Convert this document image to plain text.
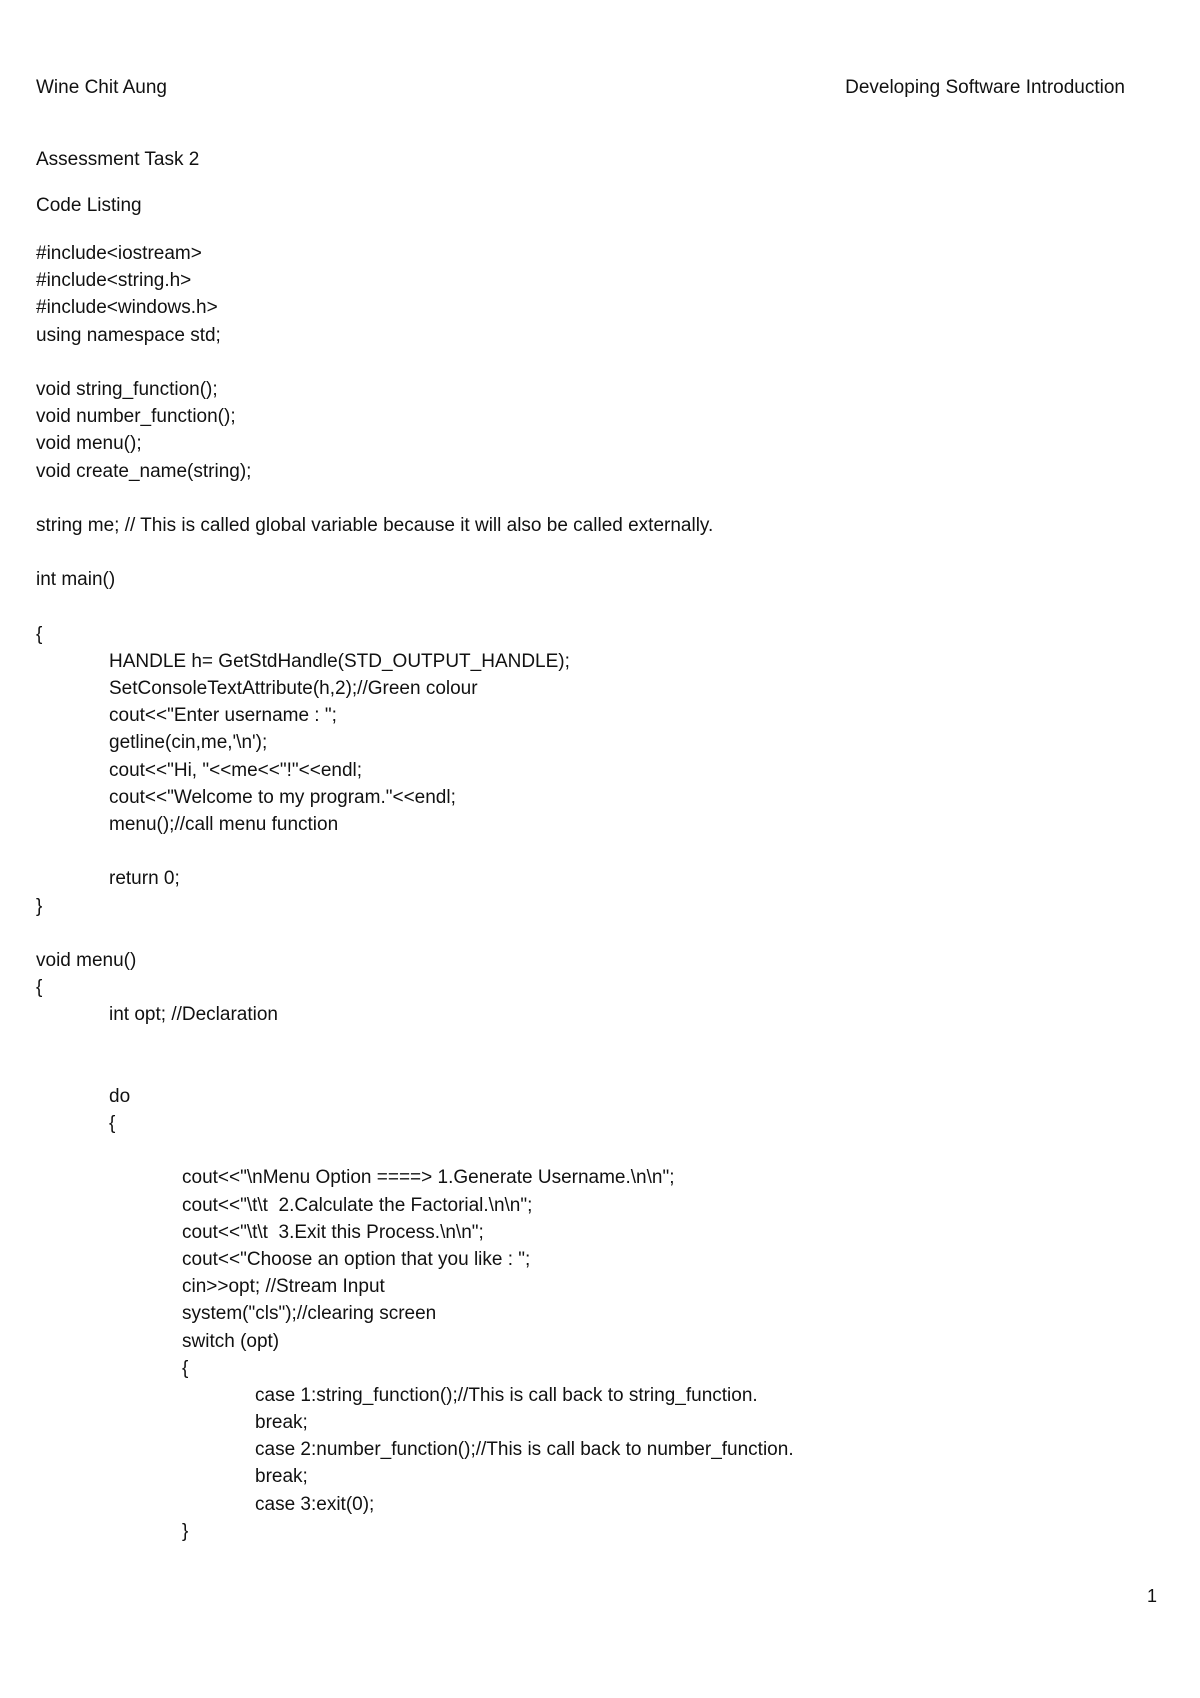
Wine Chit Aung	Developing Software Introduction
Assessment Task 2
Code Listing
#include<iostream>
#include<string.h>
#include<windows.h>
using namespace std;
void string_function();
void number_function();
void menu();
void create_name(string);
string me; // This is called global variable because it will also be called externally.
int main()
{
HANDLE h= GetStdHandle(STD_OUTPUT_HANDLE);
SetConsoleTextAttribute(h,2);//Green colour
cout<<"Enter username : ";
getline(cin,me,'\n');
cout<<"Hi, "<<me<<"!"<<endl;
cout<<"Welcome to my program."<<endl;
menu();//call menu function
return 0;
}
void menu()
{
int opt; //Declaration
do
{
cout<<"\nMenu Option ====> 1.Generate Username.\n\n";
cout<<"\t\t  2.Calculate the Factorial.\n\n";
cout<<"\t\t  3.Exit this Process.\n\n";
cout<<"Choose an option that you like : ";
cin>>opt; //Stream Input
system("cls");//clearing screen
switch (opt)
{
case 1:string_function();//This is call back to string_function.
break;
case 2:number_function();//This is call back to number_function.
break;
case 3:exit(0);
}
1
